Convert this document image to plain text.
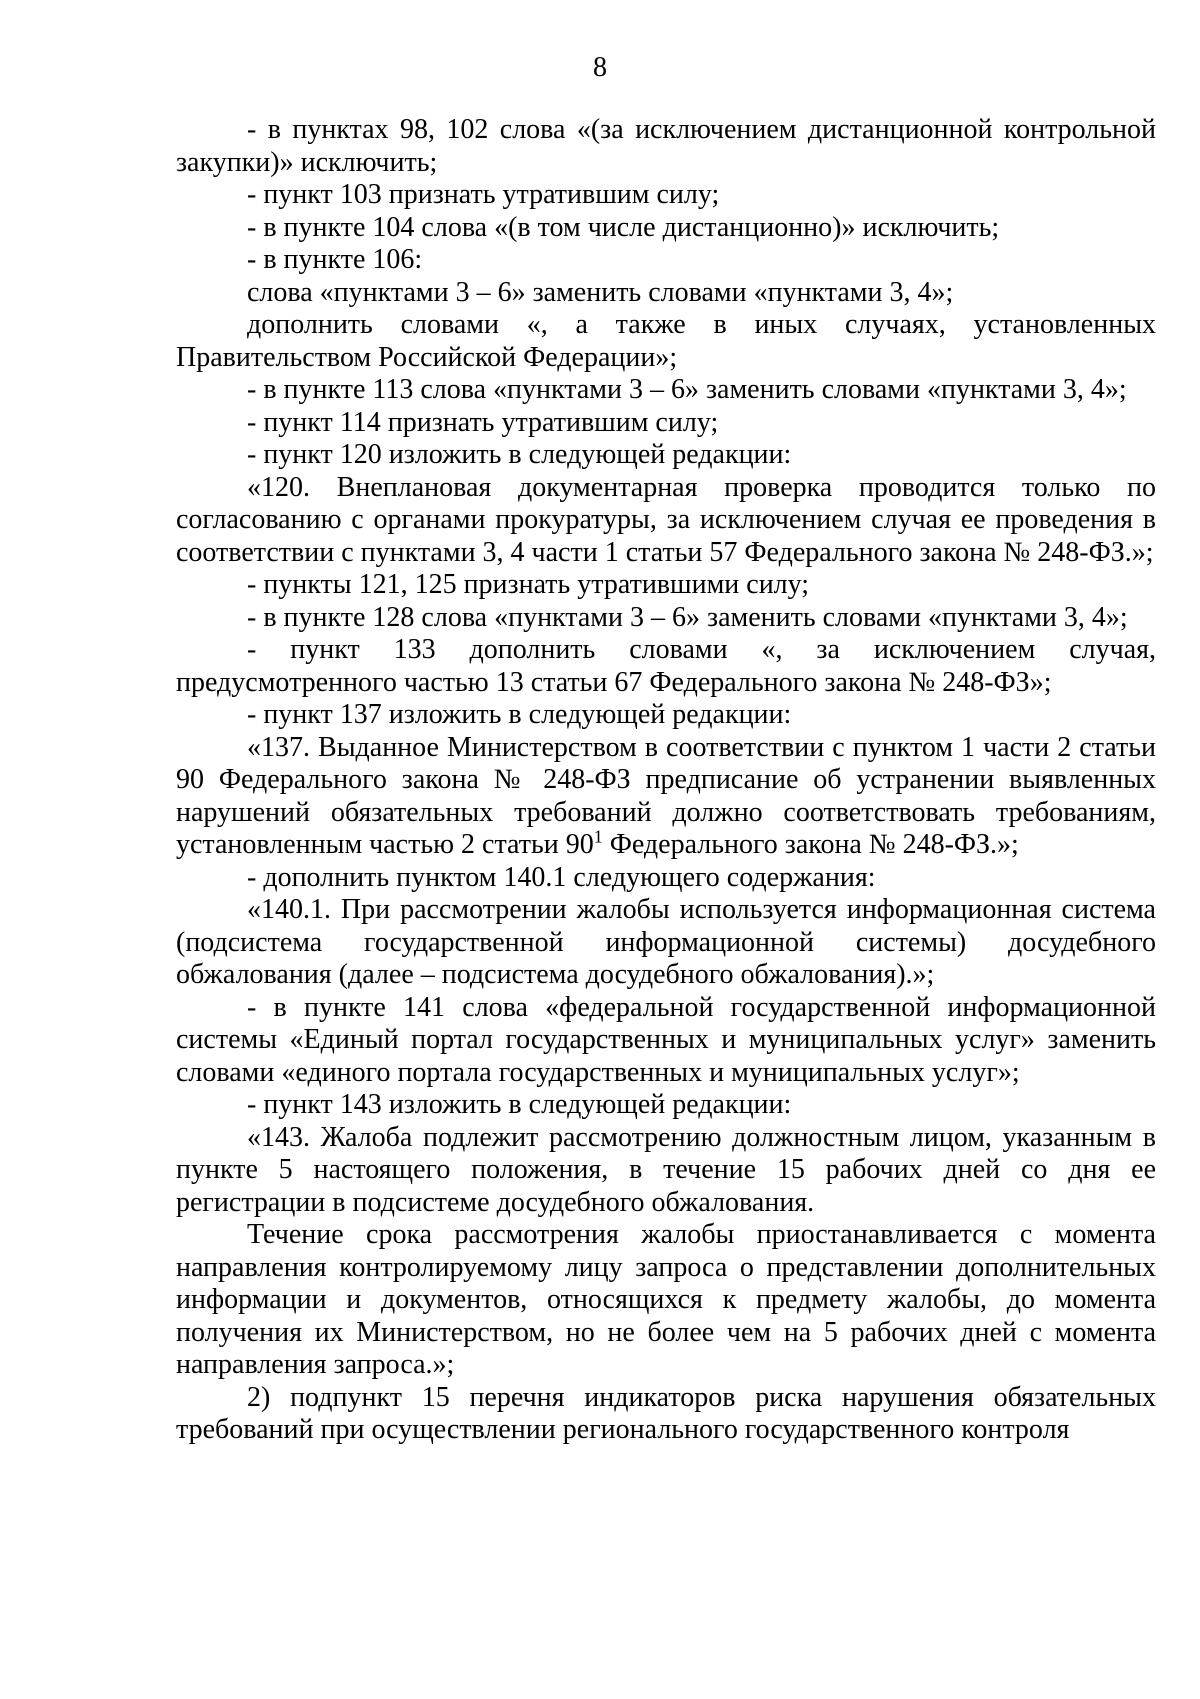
8

- в пунктах 98, 102 слова «(за исключением дистанционной контрольной закупки)» исключить;

- пункт 103 признать утратившим силу;

- в пункте 104 слова «(в том числе дистанционно)» исключить;

- в пункте 106:

слова «пунктами 3 – 6» заменить словами «пунктами 3, 4»;

дополнить словами «, а также в иных случаях, установленных Правительством Российской Федерации»;

- в пункте 113 слова «пунктами 3 – 6» заменить словами «пунктами 3, 4»;

- пункт 114 признать утратившим силу;

- пункт 120 изложить в следующей редакции:

«120. Внеплановая документарная проверка проводится только по согласованию с органами прокуратуры, за исключением случая ее проведения в соответствии с пунктами 3, 4 части 1 статьи 57 Федерального закона № 248-ФЗ.»;

- пункты 121, 125 признать утратившими силу;

- в пункте 128 слова «пунктами 3 – 6» заменить словами «пунктами 3, 4»;

- пункт 133 дополнить словами «, за исключением случая, предусмотренного частью 13 статьи 67 Федерального закона № 248-ФЗ»;

- пункт 137 изложить в следующей редакции:

«137. Выданное Министерством в соответствии с пунктом 1 части 2 статьи 90 Федерального закона № 248-ФЗ предписание об устранении выявленных нарушений обязательных требований должно соответствовать требованиям, установленным частью 2 статьи $90^1$ Федерального закона № 248-ФЗ.»;

- дополнить пунктом 140.1 следующего содержания:

«140.1. При рассмотрении жалобы используется информационная система (подсистема государственной информационной системы) досудебного обжалования (далее – подсистема досудебного обжалования).»;

- в пункте 141 слова «федеральной государственной информационной системы «Единый портал государственных и муниципальных услуг» заменить словами «единого портала государственных и муниципальных услуг»;

- пункт 143 изложить в следующей редакции:

«143. Жалоба подлежит рассмотрению должностным лицом, указанным в пункте 5 настоящего положения, в течение 15 рабочих дней со дня ее регистрации в подсистеме досудебного обжалования.

Течение срока рассмотрения жалобы приостанавливается с момента направления контролируемому лицу запроса о представлении дополнительных информации и документов, относящихся к предмету жалобы, до момента получения их Министерством, но не более чем на 5 рабочих дней с момента направления запроса.»;

2) подпункт 15 перечня индикаторов риска нарушения обязательных требований при осуществлении регионального государственного контроля
